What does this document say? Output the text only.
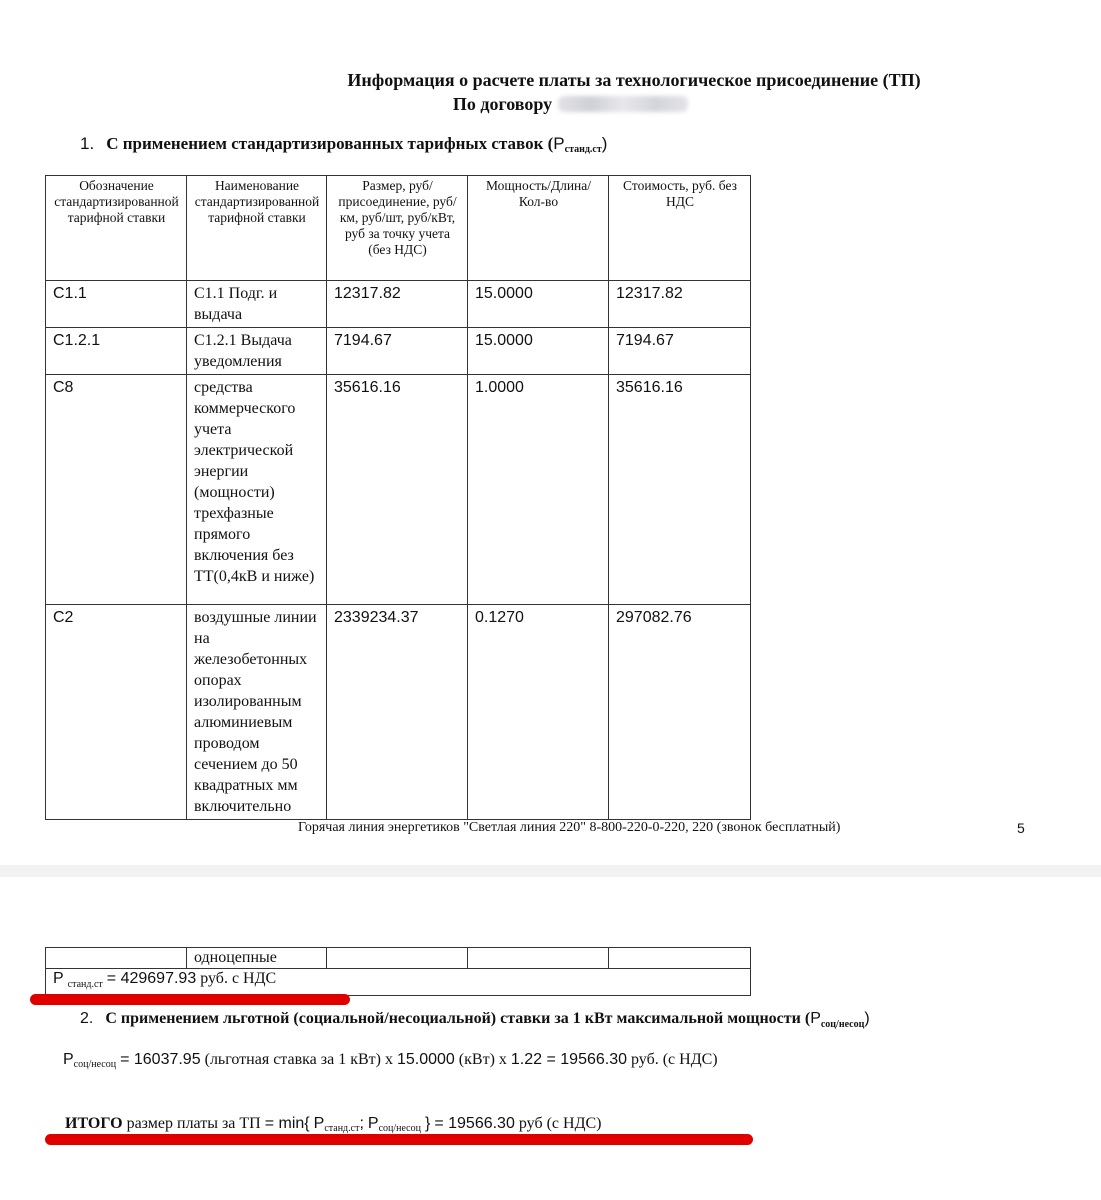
Информация о расчете платы за технологическое присоединение (ТП)
По договору
1. С применением стандартизированных тарифных ставок $(P_{станд.ст})$
Обозначение стандартизированной тарифной ставки	Наименование стандартизированной тарифной ставки	Размер, руб/присоединение, руб/км, руб/шт, руб/кВт, руб за точку учета (без НДС)	Мощность/Длина/ Кол-во	Стоимость, руб. без НДС
C1.1	C1.1 Подг. и выдача	12317.82	15.0000	12317.82
C1.2.1	C1.2.1 Выдача уведомления	7194.67	15.0000	7194.67
C8	средства коммерческого учета электрической энергии (мощности) трехфазные прямого включения без ТТ(0,4кВ и ниже)	35616.16	1.0000	35616.16
C2	воздушные линии на железобетонных опорах изолированным алюминиевым проводом сечением до 50 квадратных мм включительно	2339234.37	0.1270	297082.76
Горячая линия энергетиков "Светлая линия 220" 8-800-220-0-220, 220 (звонок бесплатный)	5
	одноцепные			
P $_{станд.ст}$ = 429697.93 руб. с НДС
2. С применением льготной (социальной/несоциальной) ставки за 1 кВт максимальной мощности $(P_{соц/несоц})$
$P_{соц/несоц} = 16037.95$ (льготная ставка за 1 кВт) х 15.0000 (кВт) х 1.22 = 19566.30 руб. (с НДС)
ИТОГО размер платы за ТП = min{ $P_{станд.ст}$; $P_{соц/несоц}$ } = 19566.30 руб (с НДС)
